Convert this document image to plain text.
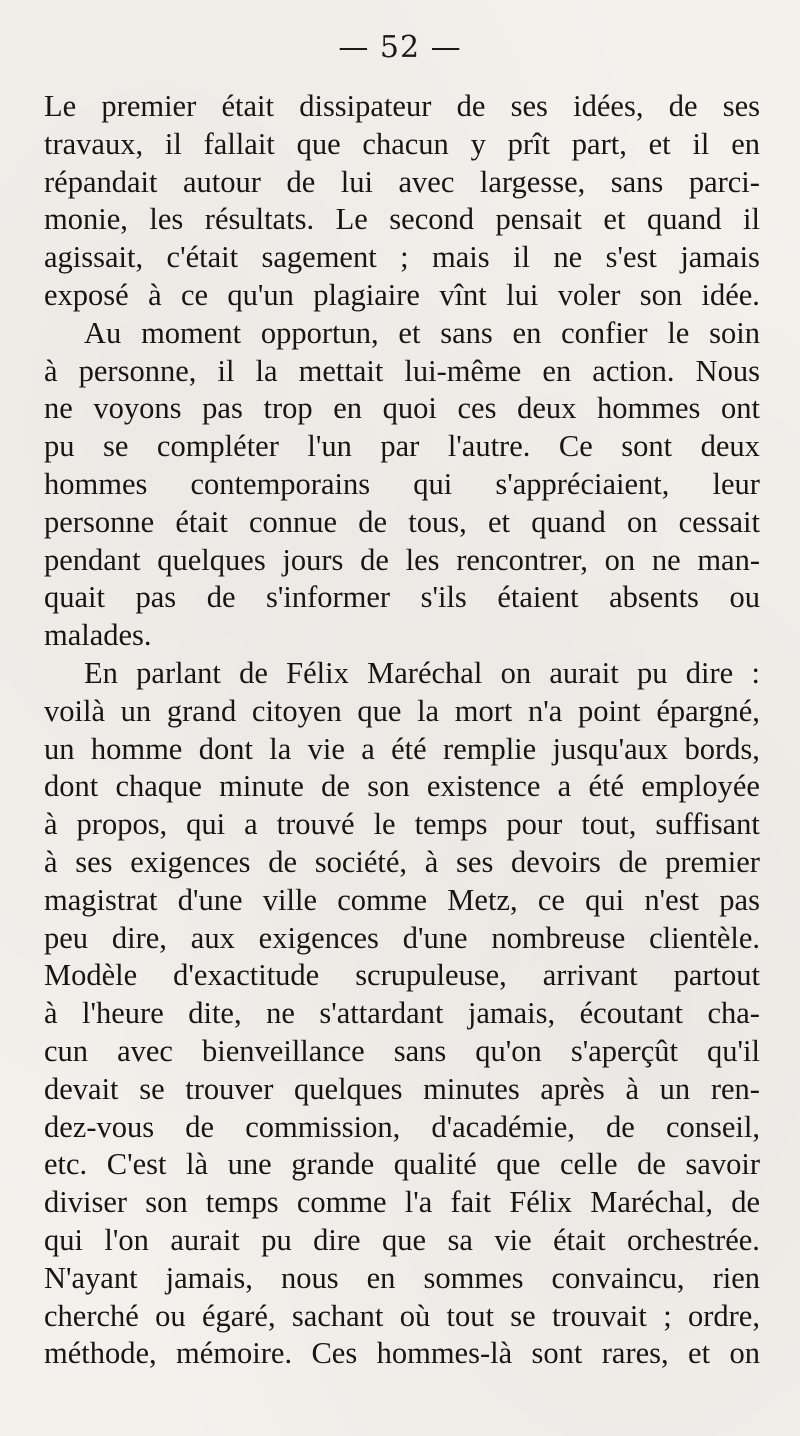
— 52 —
Le premier était dissipateur de ses idées, de ses
travaux, il fallait que chacun y prît part, et il en
répandait autour de lui avec largesse, sans parci-
monie, les résultats. Le second pensait et quand il
agissait, c'était sagement ; mais il ne s'est jamais
exposé à ce qu'un plagiaire vînt lui voler son idée.
Au moment opportun, et sans en confier le soin
à personne, il la mettait lui-même en action. Nous
ne voyons pas trop en quoi ces deux hommes ont
pu se compléter l'un par l'autre. Ce sont deux
hommes contemporains qui s'appréciaient, leur
personne était connue de tous, et quand on cessait
pendant quelques jours de les rencontrer, on ne man-
quait pas de s'informer s'ils étaient absents ou
malades.
En parlant de Félix Maréchal on aurait pu dire :
voilà un grand citoyen que la mort n'a point épargné,
un homme dont la vie a été remplie jusqu'aux bords,
dont chaque minute de son existence a été employée
à propos, qui a trouvé le temps pour tout, suffisant
à ses exigences de société, à ses devoirs de premier
magistrat d'une ville comme Metz, ce qui n'est pas
peu dire, aux exigences d'une nombreuse clientèle.
Modèle d'exactitude scrupuleuse, arrivant partout
à l'heure dite, ne s'attardant jamais, écoutant cha-
cun avec bienveillance sans qu'on s'aperçût qu'il
devait se trouver quelques minutes après à un ren-
dez-vous de commission, d'académie, de conseil,
etc. C'est là une grande qualité que celle de savoir
diviser son temps comme l'a fait Félix Maréchal, de
qui l'on aurait pu dire que sa vie était orchestrée.
N'ayant jamais, nous en sommes convaincu, rien
cherché ou égaré, sachant où tout se trouvait ; ordre,
méthode, mémoire. Ces hommes-là sont rares, et on
